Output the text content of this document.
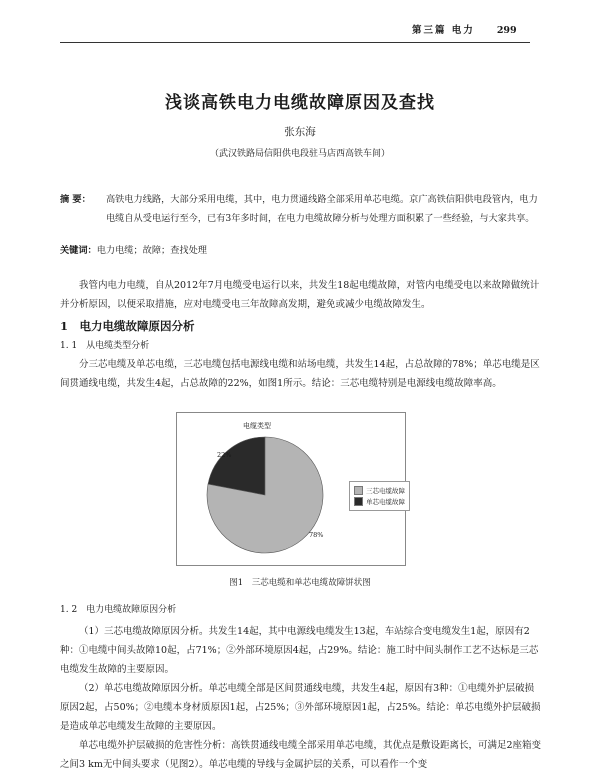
第三篇 电力 299
浅谈高铁电力电缆故障原因及查找
张东海
（武汉铁路局信阳供电段驻马店西高铁车间）
摘 要： 高铁电力线路，大部分采用电缆，其中，电力贯通线路全部采用单芯电缆。京广高铁信阳供电段管内，电力电缆自从受电运行至今，已有3年多时间，在电力电缆故障分析与处理方面积累了一些经验，与大家共享。
关键词：电力电缆；故障；查找处理
我管内电力电缆，自从2012年7月电缆受电运行以来，共发生18起电缆故障，对管内电缆受电以来故障做统计并分析原因，以便采取措施，应对电缆受电三年故障高发期，避免或减少电缆故障发生。
1　电力电缆故障原因分析
1. 1　从电缆类型分析
分三芯电缆及单芯电缆，三芯电缆包括电源线电缆和站场电缆，共发生14起，占总故障的78%；单芯电缆是区间贯通线电缆，共发生4起，占总故障的22%，如图1所示。结论：三芯电缆特别是电源线电缆故障率高。
电缆类型
三芯电缆故障
单芯电缆故障
78%
22%
图1　三芯电缆和单芯电缆故障饼状图
1. 2　电力电缆故障原因分析
（1）三芯电缆故障原因分析。共发生14起，其中电源线电缆发生13起，车站综合变电缆发生1起，原因有2种：①电缆中间头故障10起，占71%；②外部环境原因4起，占29%。结论：施工时中间头制作工艺不达标是三芯电缆发生故障的主要原因。
（2）单芯电缆故障原因分析。单芯电缆全部是区间贯通线电缆，共发生4起，原因有3种：①电缆外护层破损原因2起，占50%；②电缆本身材质原因1起，占25%；③外部环境原因1起，占25%。结论：单芯电缆外护层破损是造成单芯电缆发生故障的主要原因。
单芯电缆外护层破损的危害性分析：高铁贯通线电缆全部采用单芯电缆，其优点是敷设距离长，可满足2座箱变之间3 km无中间头要求（见图2）。单芯电缆的导线与金属护层的关系，可以看作一个变
